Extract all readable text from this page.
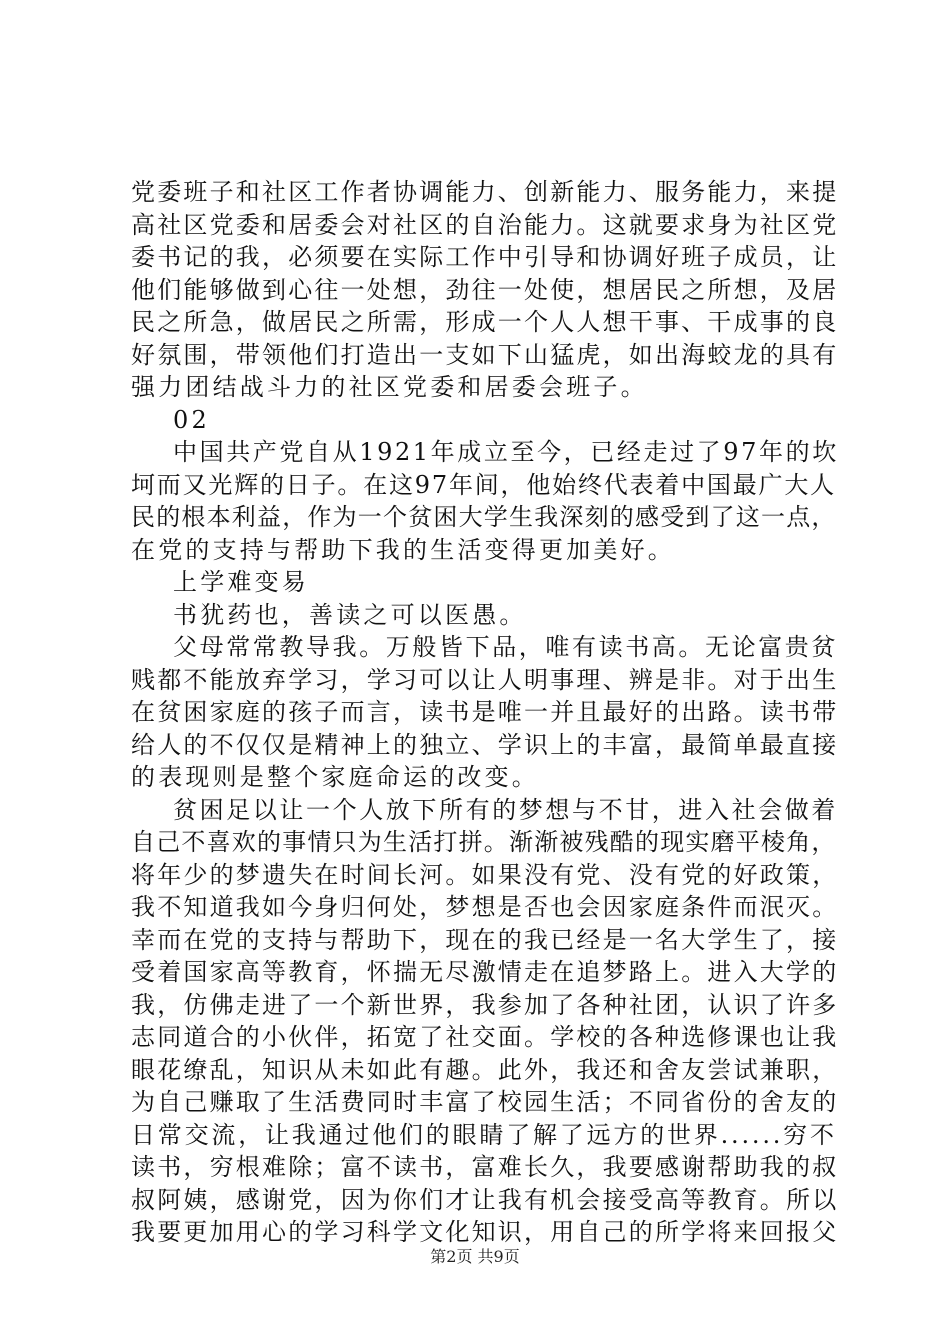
党委班子和社区工作者协调能力、创新能力、服务能力，来提
高社区党委和居委会对社区的自治能力。这就要求身为社区党
委书记的我，必须要在实际工作中引导和协调好班子成员，让
他们能够做到心往一处想，劲往一处使，想居民之所想，及居
民之所急，做居民之所需，形成一个人人想干事、干成事的良
好氛围，带领他们打造出一支如下山猛虎，如出海蛟龙的具有
强力团结战斗力的社区党委和居委会班子。
02
中国共产党自从1921年成立至今，已经走过了97年的坎
坷而又光辉的日子。在这97年间，他始终代表着中国最广大人
民的根本利益，作为一个贫困大学生我深刻的感受到了这一点，
在党的支持与帮助下我的生活变得更加美好。
上学难变易
书犹药也，善读之可以医愚。
父母常常教导我。万般皆下品，唯有读书高。无论富贵贫
贱都不能放弃学习，学习可以让人明事理、辨是非。对于出生
在贫困家庭的孩子而言，读书是唯一并且最好的出路。读书带
给人的不仅仅是精神上的独立、学识上的丰富，最简单最直接
的表现则是整个家庭命运的改变。
贫困足以让一个人放下所有的梦想与不甘，进入社会做着
自己不喜欢的事情只为生活打拼。渐渐被残酷的现实磨平棱角，
将年少的梦遗失在时间长河。如果没有党、没有党的好政策，
我不知道我如今身归何处，梦想是否也会因家庭条件而泯灭。
幸而在党的支持与帮助下，现在的我已经是一名大学生了，接
受着国家高等教育，怀揣无尽激情走在追梦路上。进入大学的
我，仿佛走进了一个新世界，我参加了各种社团，认识了许多
志同道合的小伙伴，拓宽了社交面。学校的各种选修课也让我
眼花缭乱，知识从未如此有趣。此外，我还和舍友尝试兼职，
为自己赚取了生活费同时丰富了校园生活；不同省份的舍友的
日常交流，让我通过他们的眼睛了解了远方的世界......穷不
读书，穷根难除；富不读书，富难长久，我要感谢帮助我的叔
叔阿姨，感谢党，因为你们才让我有机会接受高等教育。所以
我要更加用心的学习科学文化知识，用自己的所学将来回报父
第2页 共9页
